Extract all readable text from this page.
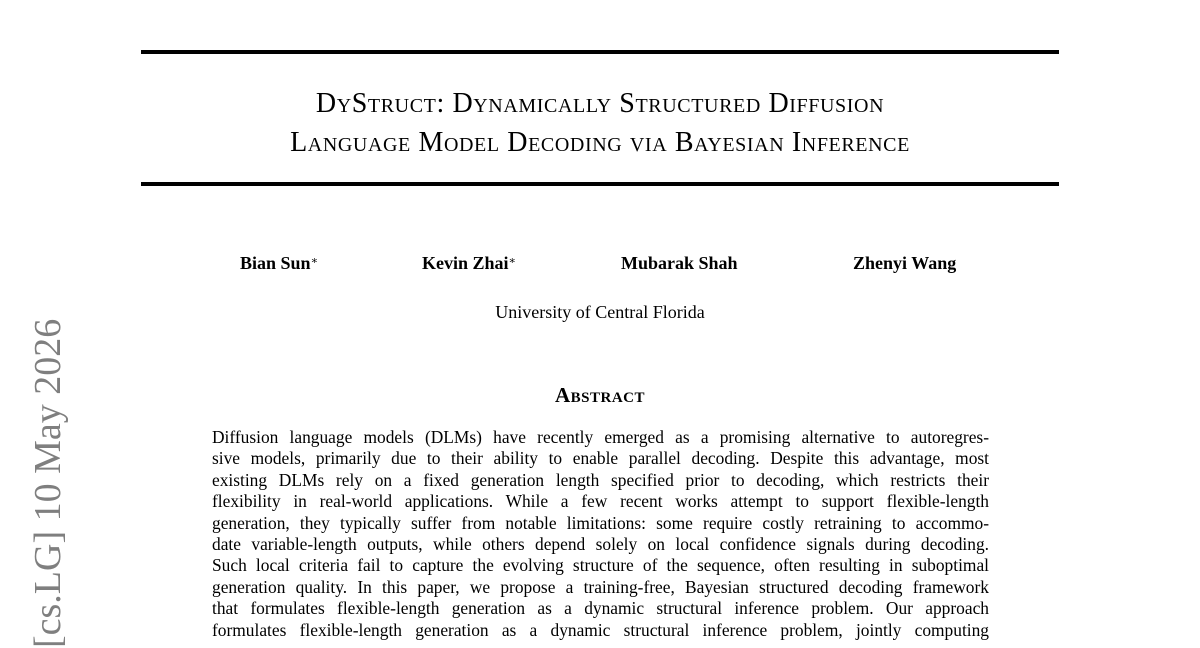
DyStruct: Dynamically Structured Diffusion
Language Model Decoding via Bayesian Inference
Bian Sun∗	Kevin Zhai∗	Mubarak Shah	Zhenyi Wang
University of Central Florida
Abstract
Diffusion language models (DLMs) have recently emerged as a promising alternative to autoregres-
sive models, primarily due to their ability to enable parallel decoding. Despite this advantage, most
existing DLMs rely on a fixed generation length specified prior to decoding, which restricts their
flexibility in real-world applications. While a few recent works attempt to support flexible-length
generation, they typically suffer from notable limitations: some require costly retraining to accommo-
date variable-length outputs, while others depend solely on local confidence signals during decoding.
Such local criteria fail to capture the evolving structure of the sequence, often resulting in suboptimal
generation quality. In this paper, we propose a training-free, Bayesian structured decoding framework
that formulates flexible-length generation as a dynamic structural inference problem. Our approach
formulates flexible-length generation as a dynamic structural inference problem, jointly computing
[cs.LG] 10 May 2026
